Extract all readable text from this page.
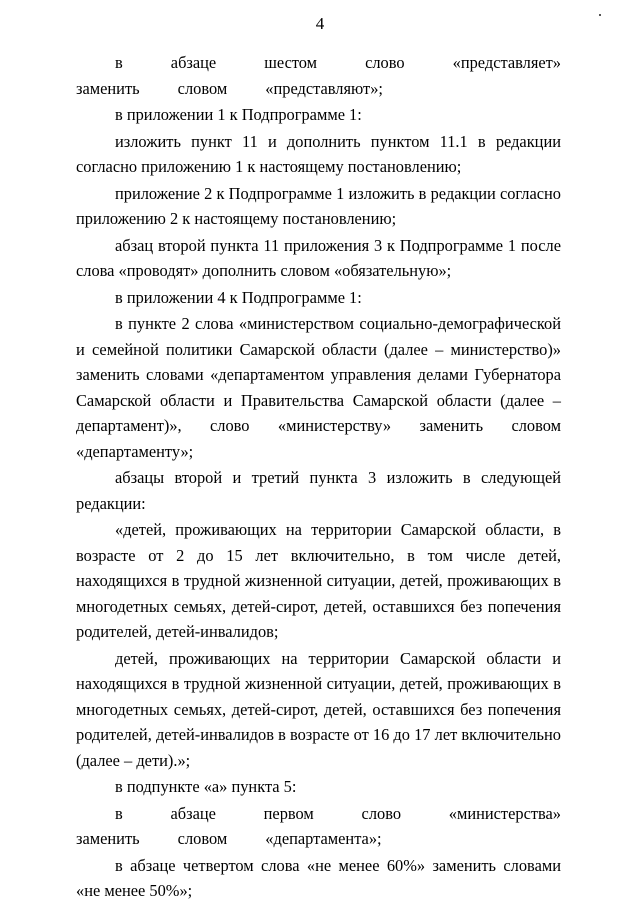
4

в абзаце шестом слово «представляет» заменить словом «представляют»;

в приложении 1 к Подпрограмме 1:

изложить пункт 11 и дополнить пунктом 11.1 в редакции согласно приложению 1 к настоящему постановлению;

приложение 2 к Подпрограмме 1 изложить в редакции согласно приложению 2 к настоящему постановлению;

абзац второй пункта 11 приложения 3 к Подпрограмме 1 после слова «проводят» дополнить словом «обязательную»;

в приложении 4 к Подпрограмме 1:

в пункте 2 слова «министерством социально-демографической и семейной политики Самарской области (далее – министерство)» заменить словами «департаментом управления делами Губернатора Самарской области и Правительства Самарской области (далее – департамент)», слово «министерству» заменить словом «департаменту»;

абзацы второй и третий пункта 3 изложить в следующей редакции:

«детей, проживающих на территории Самарской области, в возрасте от 2 до 15 лет включительно, в том числе детей, находящихся в трудной жизненной ситуации, детей, проживающих в многодетных семьях, детей-сирот, детей, оставшихся без попечения родителей, детей-инвалидов;

детей, проживающих на территории Самарской области и находящихся в трудной жизненной ситуации, детей, проживающих в многодетных семьях, детей-сирот, детей, оставшихся без попечения родителей, детей-инвалидов в возрасте от 16 до 17 лет включительно (далее – дети).»;

в подпункте «а» пункта 5:

в абзаце первом слово «министерства» заменить словом «департамента»;

в абзаце четвертом слова «не менее 60%» заменить словами «не менее 50%»;
